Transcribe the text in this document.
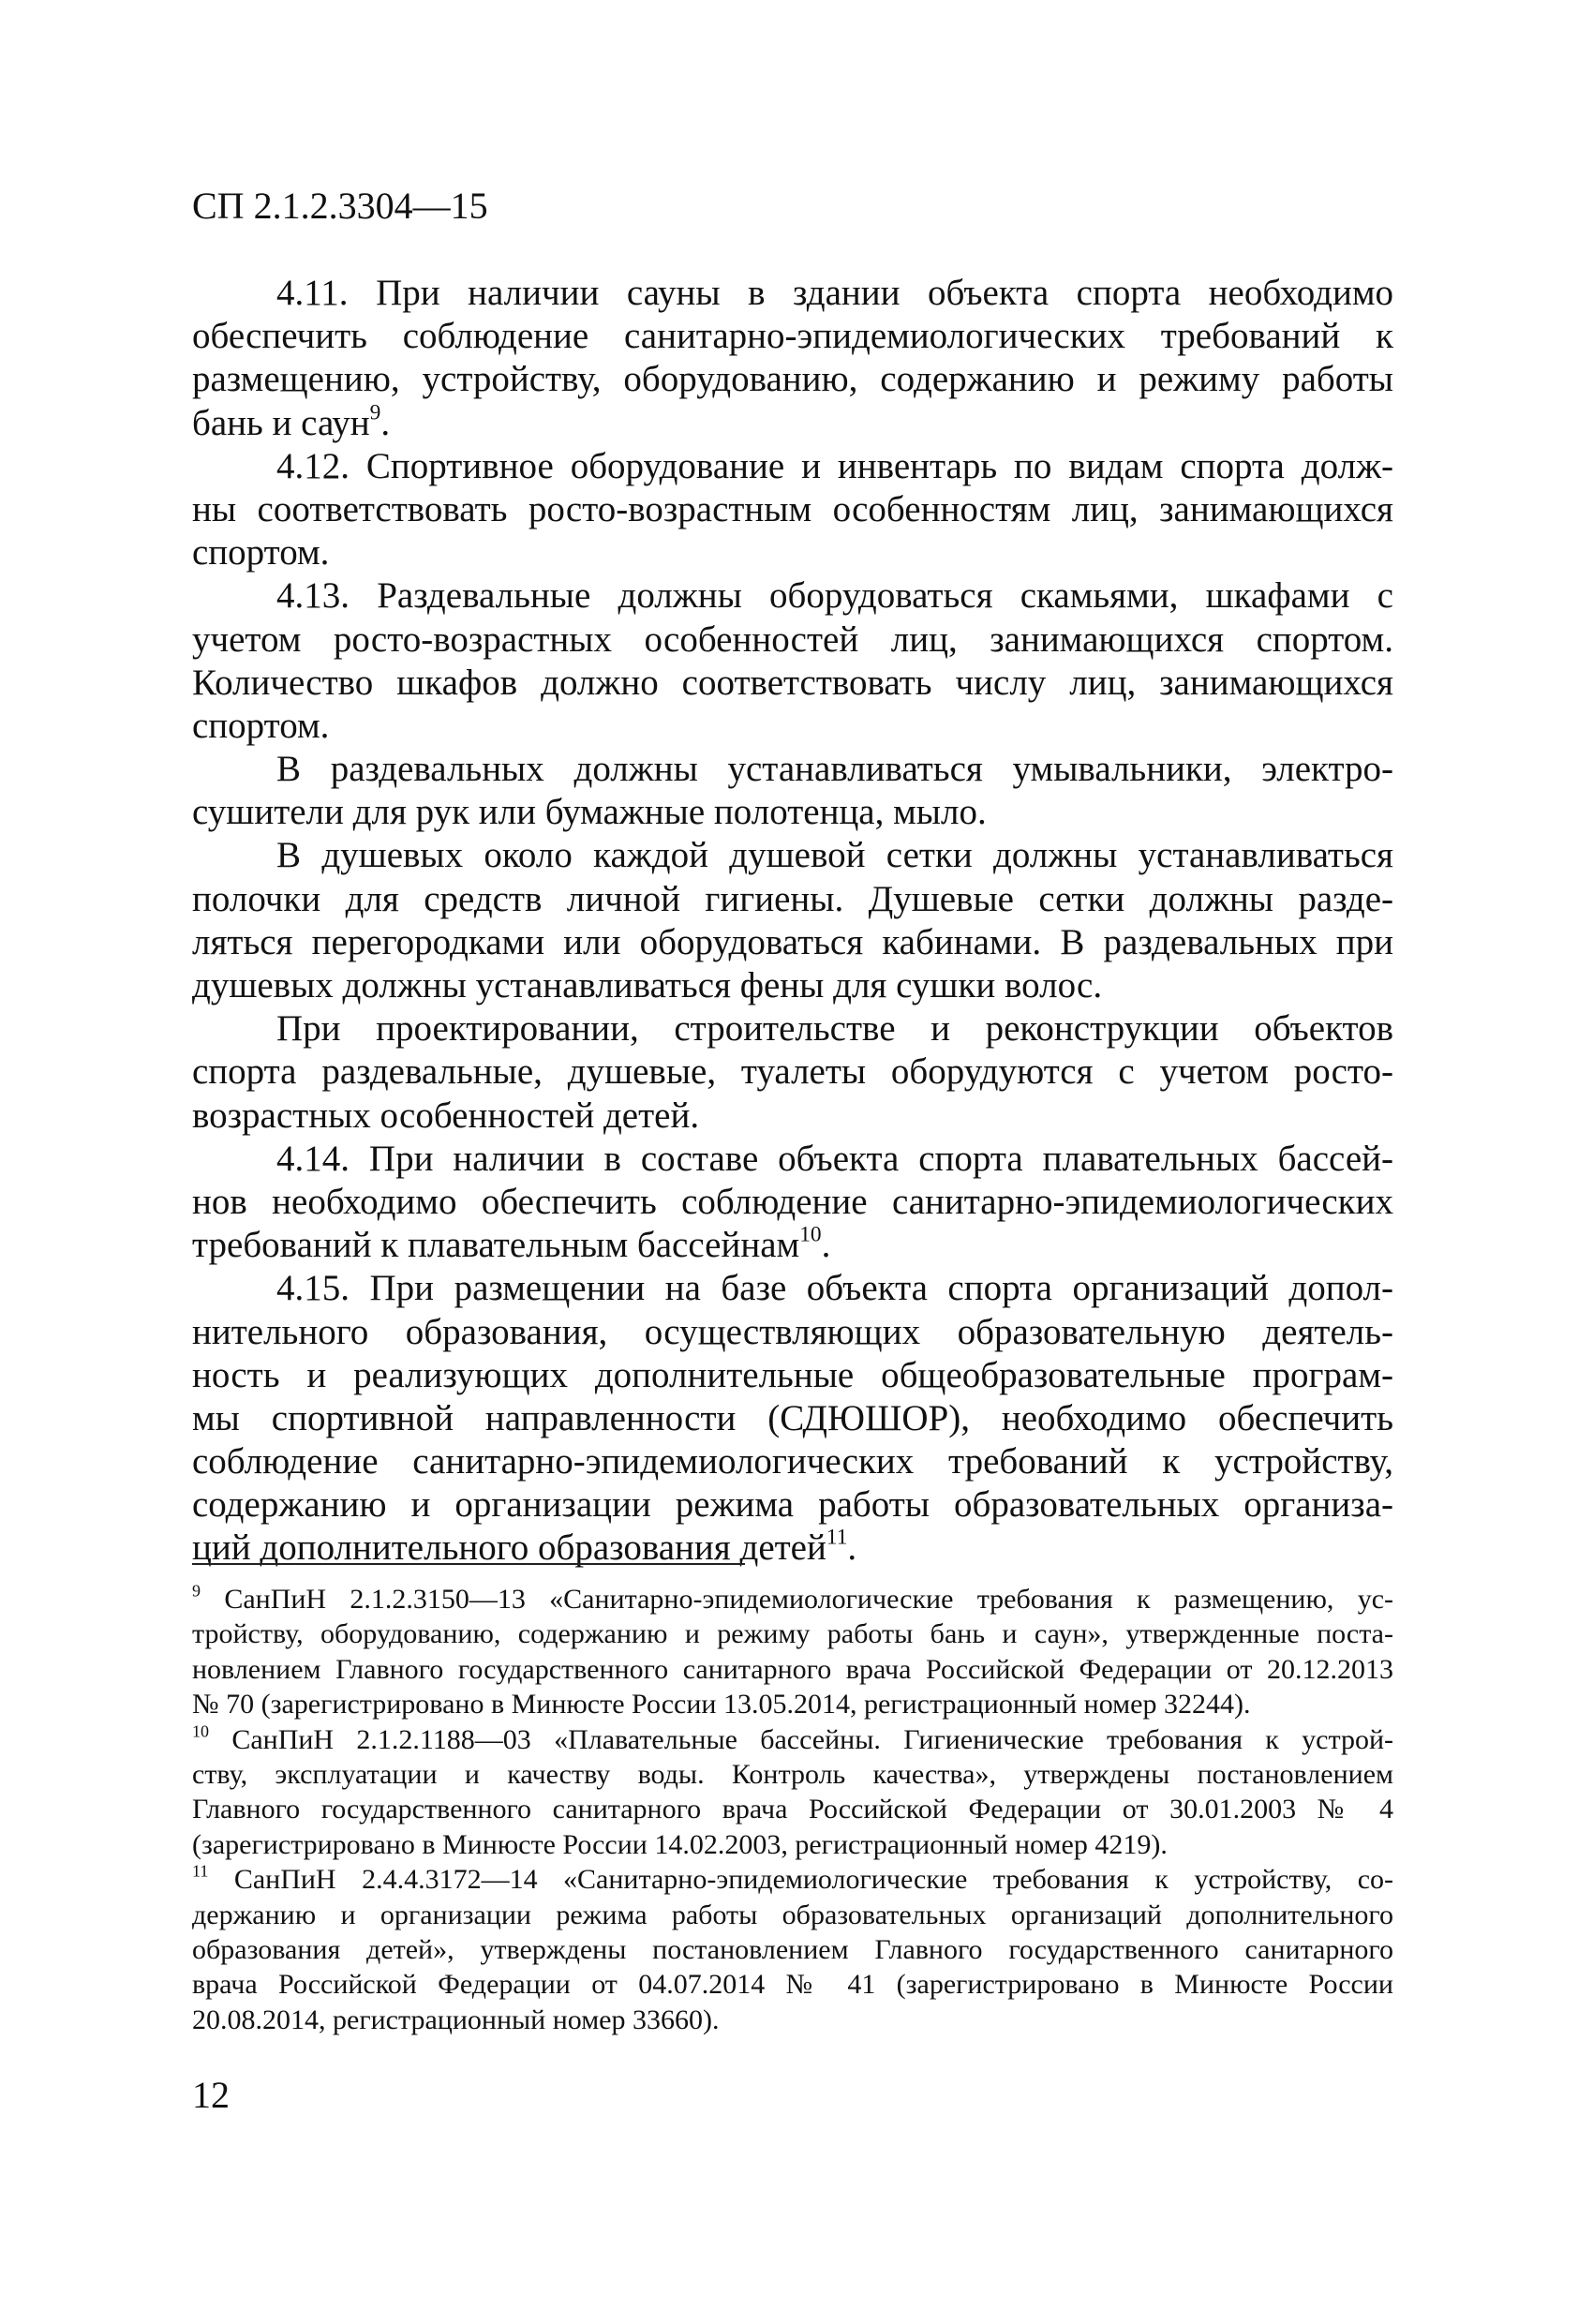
СП 2.1.2.3304—15
4.11. При наличии сауны в здании объекта спорта необходимо
обеспечить соблюдение санитарно-эпидемиологических требований к
размещению, устройству, оборудованию, содержанию и режиму работы
бань и саун$^9$.
4.12. Спортивное оборудование и инвентарь по видам спорта долж-
ны соответствовать росто-возрастным особенностям лиц, занимающихся
спортом.
4.13. Раздевальные должны оборудоваться скамьями, шкафами с
учетом росто-возрастных особенностей лиц, занимающихся спортом.
Количество шкафов должно соответствовать числу лиц, занимающихся
спортом.
В раздевальных должны устанавливаться умывальники, электро-
сушители для рук или бумажные полотенца, мыло.
В душевых около каждой душевой сетки должны устанавливаться
полочки для средств личной гигиены. Душевые сетки должны разде-
ляться перегородками или оборудоваться кабинами. В раздевальных при
душевых должны устанавливаться фены для сушки волос.
При проектировании, строительстве и реконструкции объектов
спорта раздевальные, душевые, туалеты оборудуются с учетом росто-
возрастных особенностей детей.
4.14. При наличии в составе объекта спорта плавательных бассей-
нов необходимо обеспечить соблюдение санитарно-эпидемиологических
требований к плавательным бассейнам$^{10}$.
4.15. При размещении на базе объекта спорта организаций допол-
нительного образования, осуществляющих образовательную деятель-
ность и реализующих дополнительные общеобразовательные програм-
мы спортивной направленности (СДЮШОР), необходимо обеспечить
соблюдение санитарно-эпидемиологических требований к устройству,
содержанию и организации режима работы образовательных организа-
ций дополнительного образования детей$^{11}$.
$^9$ СанПиН 2.1.2.3150—13 «Санитарно-эпидемиологические требования к размещению, ус-
тройству, оборудованию, содержанию и режиму работы бань и саун», утвержденные поста-
новлением Главного государственного санитарного врача Российской Федерации от 20.12.2013
№ 70 (зарегистрировано в Минюсте России 13.05.2014, регистрационный номер 32244).
$^{10}$ СанПиН 2.1.2.1188—03 «Плавательные бассейны. Гигиенические требования к устрой-
ству, эксплуатации и качеству воды. Контроль качества», утверждены постановлением
Главного государственного санитарного врача Российской Федерации от 30.01.2003 № 4
(зарегистрировано в Минюсте России 14.02.2003, регистрационный номер 4219).
$^{11}$ СанПиН 2.4.4.3172—14 «Санитарно-эпидемиологические требования к устройству, со-
держанию и организации режима работы образовательных организаций дополнительного
образования детей», утверждены постановлением Главного государственного санитарного
врача Российской Федерации от 04.07.2014 № 41 (зарегистрировано в Минюсте России
20.08.2014, регистрационный номер 33660).
12
